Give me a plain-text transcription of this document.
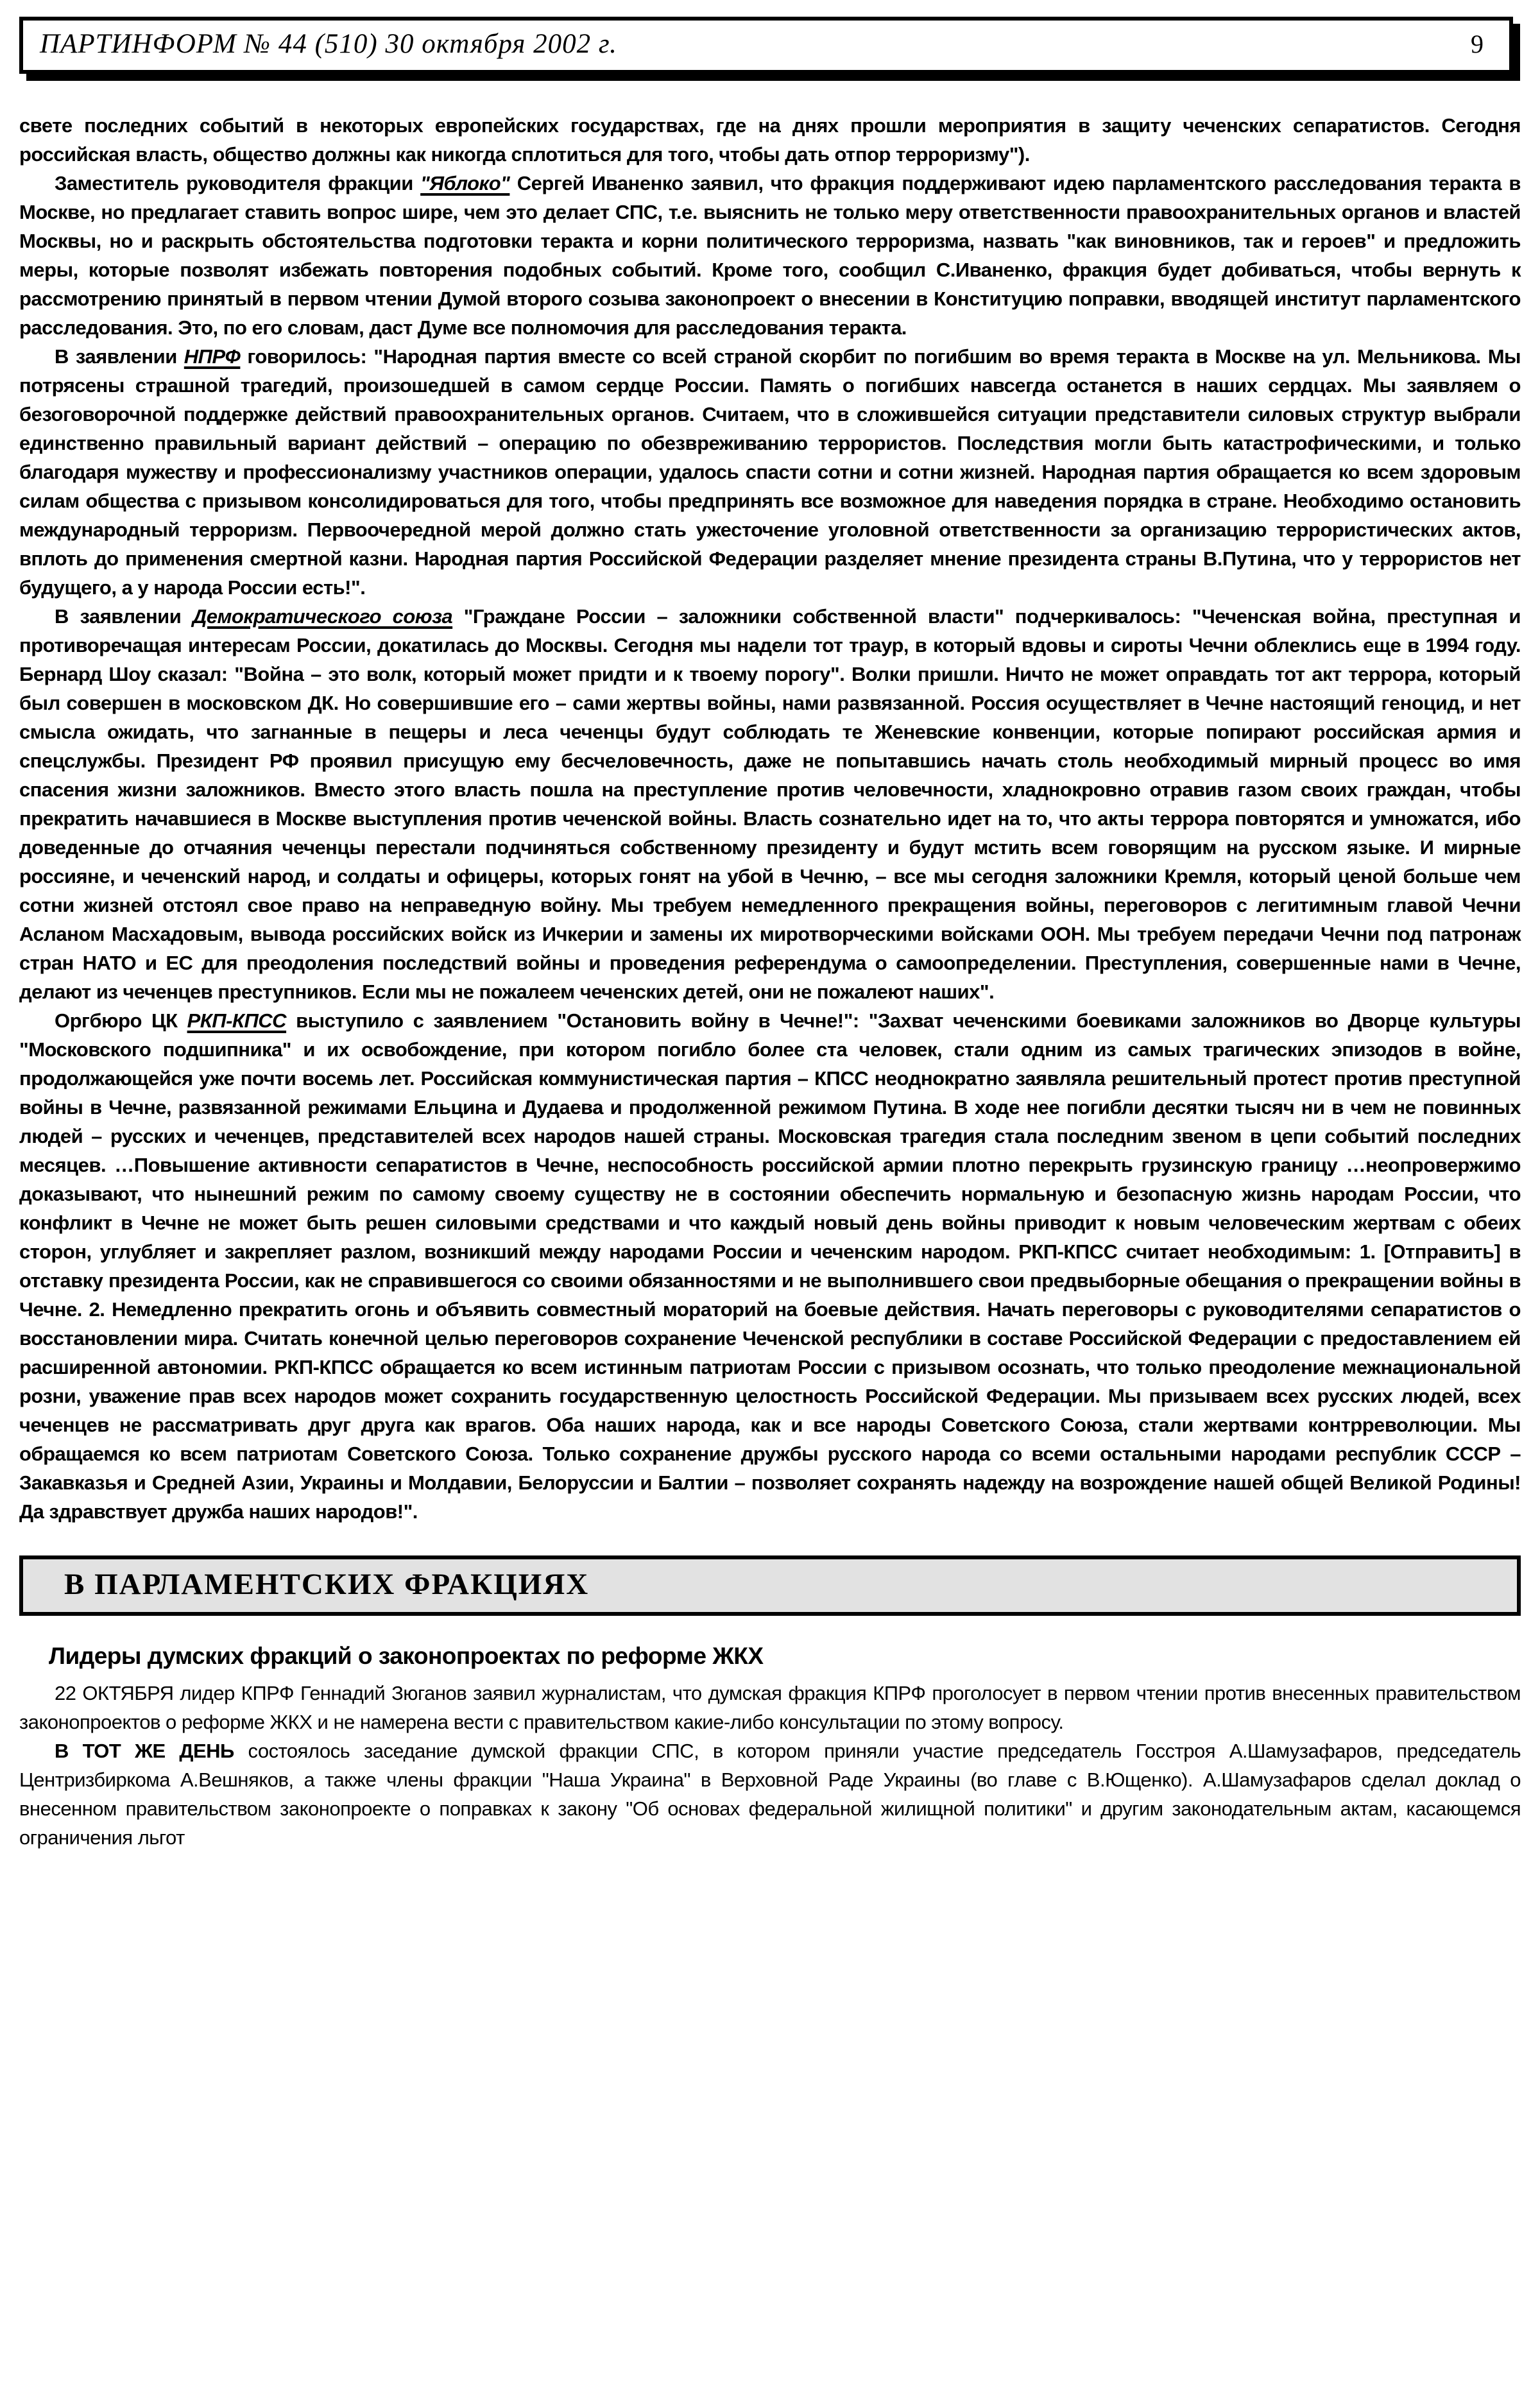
ПАРТИНФОРМ № 44 (510) 30 октября 2002 г.	9

свете последних событий в некоторых европейских государствах, где на днях прошли мероприятия в защиту чеченских сепаратистов. Сегодня российская власть, общество должны как никогда сплотиться для того, чтобы дать отпор терроризму").

Заместитель руководителя фракции "Яблоко" Сергей Иваненко заявил, что фракция поддерживают идею парламентского расследования теракта в Москве, но предлагает ставить вопрос шире, чем это делает СПС, т.е. выяснить не только меру ответственности правоохранительных органов и властей Москвы, но и раскрыть обстоятельства подготовки теракта и корни политического терроризма, назвать "как виновников, так и героев" и предложить меры, которые позволят избежать повторения подобных событий. Кроме того, сообщил С.Иваненко, фракция будет добиваться, чтобы вернуть к рассмотрению принятый в первом чтении Думой второго созыва законопроект о внесении в Конституцию поправки, вводящей институт парламентского расследования. Это, по его словам, даст Думе все полномочия для расследования теракта.

В заявлении НПРФ говорилось: "Народная партия вместе со всей страной скорбит по погибшим во время теракта в Москве на ул. Мельникова. Мы потрясены страшной трагедий, произошедшей в самом сердце России. Память о погибших навсегда останется в наших сердцах. Мы заявляем о безоговорочной поддержке действий правоохранительных органов. Считаем, что в сложившейся ситуации представители силовых структур выбрали единственно правильный вариант действий – операцию по обезвреживанию террористов. Последствия могли быть катастрофическими, и только благодаря мужеству и профессионализму участников операции, удалось спасти сотни и сотни жизней. Народная партия обращается ко всем здоровым силам общества с призывом консолидироваться для того, чтобы предпринять все возможное для наведения порядка в стране. Необходимо остановить международный терроризм. Первоочередной мерой должно стать ужесточение уголовной ответственности за организацию террористических актов, вплоть до применения смертной казни. Народная партия Российской Федерации разделяет мнение президента страны В.Путина, что у террористов нет будущего, а у народа России есть!".

В заявлении Демократического союза "Граждане России – заложники собственной власти" подчеркивалось: "Чеченская война, преступная и противоречащая интересам России, докатилась до Москвы. Сегодня мы надели тот траур, в который вдовы и сироты Чечни облеклись еще в 1994 году. Бернард Шоу сказал: "Война – это волк, который может придти и к твоему порогу". Волки пришли. Ничто не может оправдать тот акт террора, который был совершен в московском ДК. Но совершившие его – сами жертвы войны, нами развязанной. Россия осуществляет в Чечне настоящий геноцид, и нет смысла ожидать, что загнанные в пещеры и леса чеченцы будут соблюдать те Женевские конвенции, которые попирают российская армия и спецслужбы. Президент РФ проявил присущую ему бесчеловечность, даже не попытавшись начать столь необходимый мирный процесс во имя спасения жизни заложников. Вместо этого власть пошла на преступление против человечности, хладнокровно отравив газом своих граждан, чтобы прекратить начавшиеся в Москве выступления против чеченской войны. Власть сознательно идет на то, что акты террора повторятся и умножатся, ибо доведенные до отчаяния чеченцы перестали подчиняться собственному президенту и будут мстить всем говорящим на русском языке. И мирные россияне, и чеченский народ, и солдаты и офицеры, которых гонят на убой в Чечню, – все мы сегодня заложники Кремля, который ценой больше чем сотни жизней отстоял свое право на неправедную войну. Мы требуем немедленного прекращения войны, переговоров с легитимным главой Чечни Асланом Масхадовым, вывода российских войск из Ичкерии и замены их миротворческими войсками ООН. Мы требуем передачи Чечни под патронаж стран НАТО и ЕС для преодоления последствий войны и проведения референдума о самоопределении. Преступления, совершенные нами в Чечне, делают из чеченцев преступников. Если мы не пожалеем чеченских детей, они не пожалеют наших".

Оргбюро ЦК РКП-КПСС выступило с заявлением "Остановить войну в Чечне!": "Захват чеченскими боевиками заложников во Дворце культуры "Московского подшипника" и их освобождение, при котором погибло более ста человек, стали одним из самых трагических эпизодов в войне, продолжающейся уже почти восемь лет. Российская коммунистическая партия – КПСС неоднократно заявляла решительный протест против преступной войны в Чечне, развязанной режимами Ельцина и Дудаева и продолженной режимом Путина. В ходе нее погибли десятки тысяч ни в чем не повинных людей – русских и чеченцев, представителей всех народов нашей страны. Московская трагедия стала последним звеном в цепи событий последних месяцев. …Повышение активности сепаратистов в Чечне, неспособность российской армии плотно перекрыть грузинскую границу …неопровержимо доказывают, что нынешний режим по самому своему существу не в состоянии обеспечить нормальную и безопасную жизнь народам России, что конфликт в Чечне не может быть решен силовыми средствами и что каждый новый день войны приводит к новым человеческим жертвам с обеих сторон, углубляет и закрепляет разлом, возникший между народами России и чеченским народом. РКП-КПСС считает необходимым: 1. [Отправить] в отставку президента России, как не справившегося со своими обязанностями и не выполнившего свои предвыборные обещания о прекращении войны в Чечне. 2. Немедленно прекратить огонь и объявить совместный мораторий на боевые действия. Начать переговоры с руководителями сепаратистов о восстановлении мира. Считать конечной целью переговоров сохранение Чеченской республики в составе Российской Федерации с предоставлением ей расширенной автономии. РКП-КПСС обращается ко всем истинным патриотам России с призывом осознать, что только преодоление межнациональной розни, уважение прав всех народов может сохранить государственную целостность Российской Федерации. Мы призываем всех русских людей, всех чеченцев не рассматривать друг друга как врагов. Оба наших народа, как и все народы Советского Союза, стали жертвами контрреволюции. Мы обращаемся ко всем патриотам Советского Союза. Только сохранение дружбы русского народа со всеми остальными народами республик СССР – Закавказья и Средней Азии, Украины и Молдавии, Белоруссии и Балтии – позволяет сохранять надежду на возрождение нашей общей Великой Родины! Да здравствует дружба наших народов!".

В ПАРЛАМЕНТСКИХ ФРАКЦИЯХ
Лидеры думских фракций о законопроектах по реформе ЖКХ

22 ОКТЯБРЯ лидер КПРФ Геннадий Зюганов заявил журналистам, что думская фракция КПРФ проголосует в первом чтении против внесенных правительством законопроектов о реформе ЖКХ и не намерена вести с правительством какие-либо консультации по этому вопросу.

В ТОТ ЖЕ ДЕНЬ состоялось заседание думской фракции СПС, в котором приняли участие председатель Госстроя А.Шамузафаров, председатель Центризбиркома А.Вешняков, а также члены фракции "Наша Украина" в Верховной Раде Украины (во главе с В.Ющенко). А.Шамузафаров сделал доклад о внесенном правительством законопроекте о поправках к закону "Об основах федеральной жилищной политики" и другим законодательным актам, касающемся ограничения льгот
